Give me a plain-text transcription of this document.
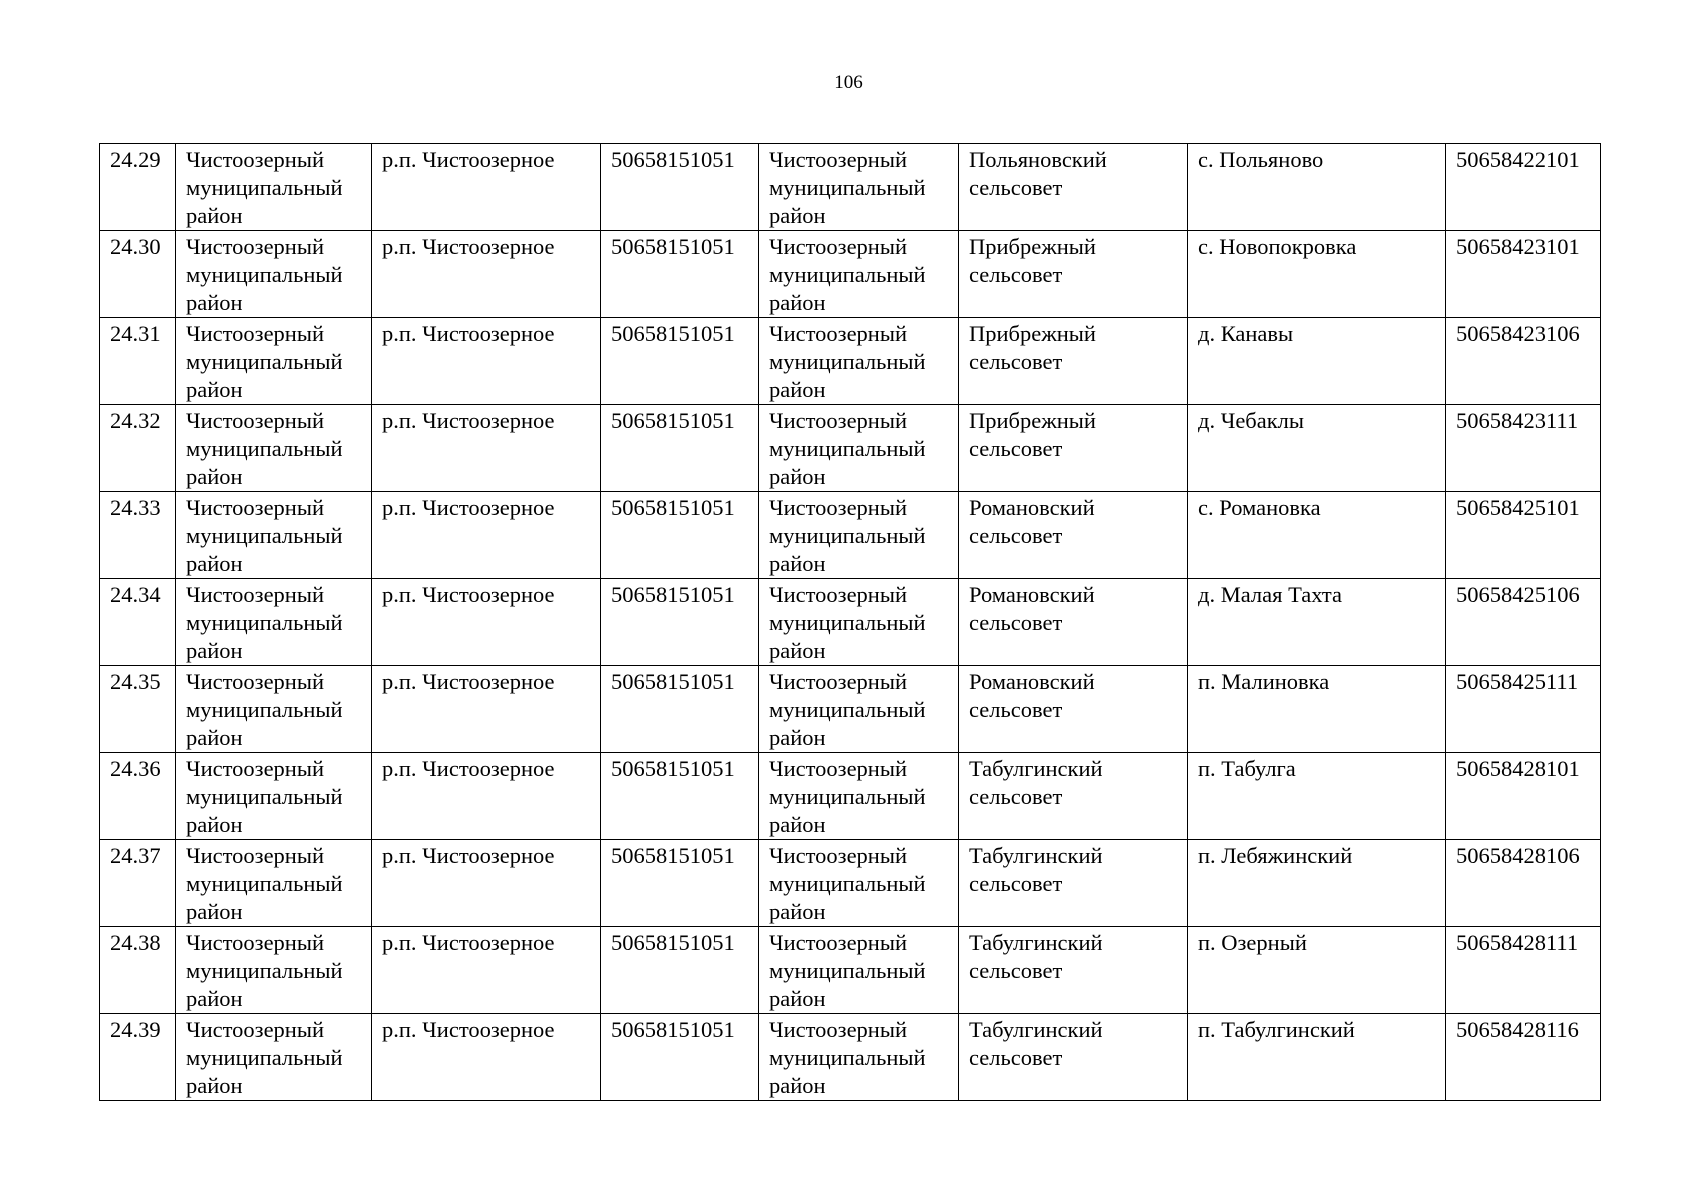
106
24.29	Чистоозерный муниципальный район	р.п. Чистоозерное	50658151051	Чистоозерный муниципальный район	Польяновский сельсовет	с. Польяново	50658422101
24.30	Чистоозерный муниципальный район	р.п. Чистоозерное	50658151051	Чистоозерный муниципальный район	Прибрежный сельсовет	с. Новопокровка	50658423101
24.31	Чистоозерный муниципальный район	р.п. Чистоозерное	50658151051	Чистоозерный муниципальный район	Прибрежный сельсовет	д. Канавы	50658423106
24.32	Чистоозерный муниципальный район	р.п. Чистоозерное	50658151051	Чистоозерный муниципальный район	Прибрежный сельсовет	д. Чебаклы	50658423111
24.33	Чистоозерный муниципальный район	р.п. Чистоозерное	50658151051	Чистоозерный муниципальный район	Романовский сельсовет	с. Романовка	50658425101
24.34	Чистоозерный муниципальный район	р.п. Чистоозерное	50658151051	Чистоозерный муниципальный район	Романовский сельсовет	д. Малая Тахта	50658425106
24.35	Чистоозерный муниципальный район	р.п. Чистоозерное	50658151051	Чистоозерный муниципальный район	Романовский сельсовет	п. Малиновка	50658425111
24.36	Чистоозерный муниципальный район	р.п. Чистоозерное	50658151051	Чистоозерный муниципальный район	Табулгинский сельсовет	п. Табулга	50658428101
24.37	Чистоозерный муниципальный район	р.п. Чистоозерное	50658151051	Чистоозерный муниципальный район	Табулгинский сельсовет	п. Лебяжинский	50658428106
24.38	Чистоозерный муниципальный район	р.п. Чистоозерное	50658151051	Чистоозерный муниципальный район	Табулгинский сельсовет	п. Озерный	50658428111
24.39	Чистоозерный муниципальный район	р.п. Чистоозерное	50658151051	Чистоозерный муниципальный район	Табулгинский сельсовет	п. Табулгинский	50658428116
